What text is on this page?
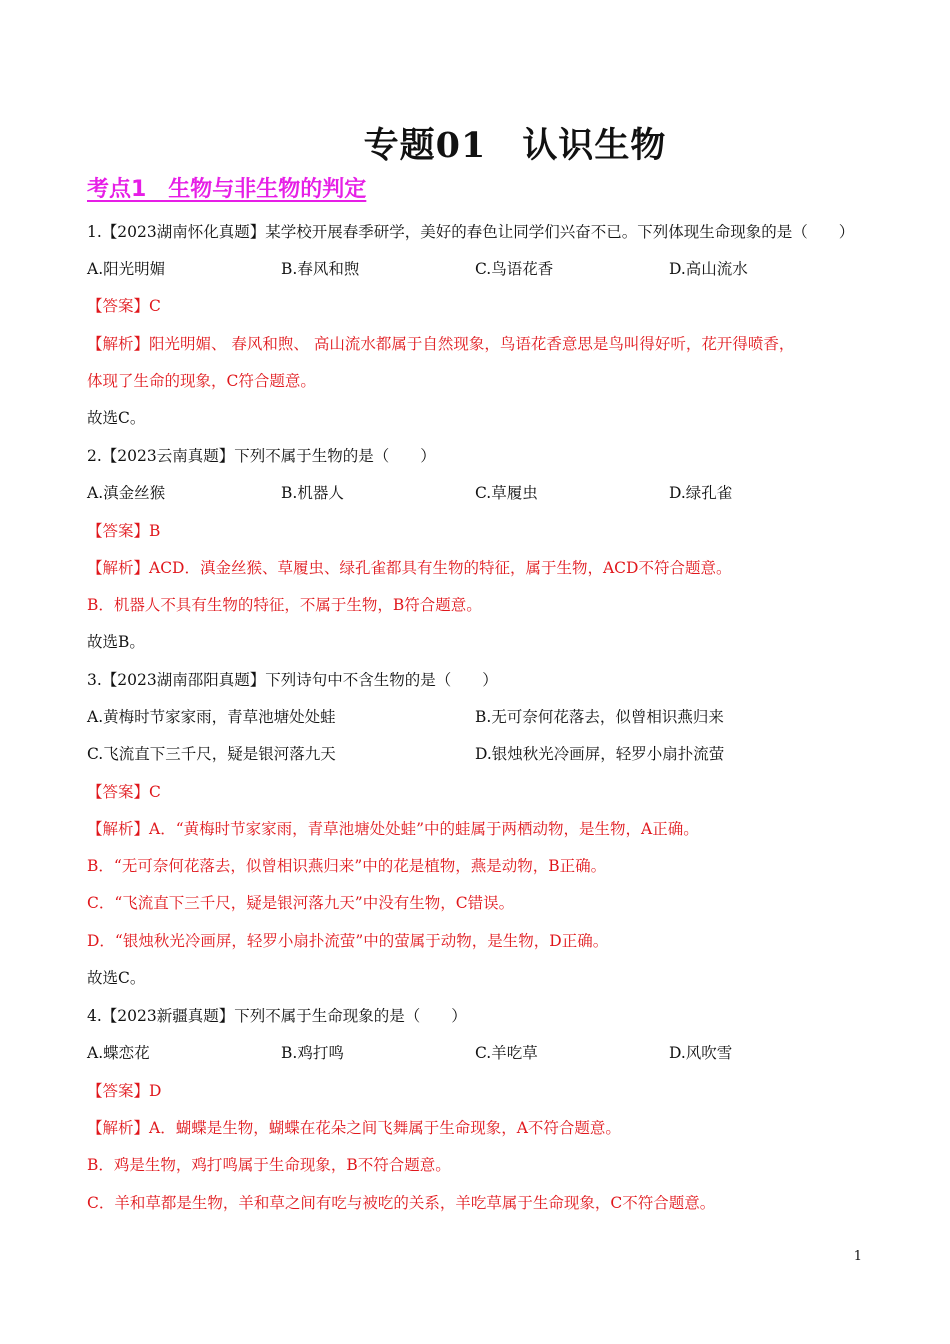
专题01　认识生物
考点1　生物与非生物的判定
1.【2023湖南怀化真题】某学校开展春季研学，美好的春色让同学们兴奋不已。下列体现生命现象的是（　　）
A.阳光明媚	B.春风和煦	C.鸟语花香	D.高山流水
【答案】C
【解析】阳光明媚、 春风和煦、 高山流水都属于自然现象，鸟语花香意思是鸟叫得好听，花开得喷香，
体现了生命的现象，C符合题意。
故选C。
2.【2023云南真题】下列不属于生物的是（　　）
A.滇金丝猴	B.机器人	C.草履虫	D.绿孔雀
【答案】B
【解析】ACD．滇金丝猴、草履虫、绿孔雀都具有生物的特征，属于生物，ACD不符合题意。
B．机器人不具有生物的特征，不属于生物，B符合题意。
故选B。
3.【2023湖南邵阳真题】下列诗句中不含生物的是（　　）
A.黄梅时节家家雨，青草池塘处处蛙	B.无可奈何花落去，似曾相识燕归来
C.飞流直下三千尺，疑是银河落九天	D.银烛秋光冷画屏，轻罗小扇扑流萤
【答案】C
【解析】A．“黄梅时节家家雨，青草池塘处处蛙”中的蛙属于两栖动物，是生物，A正确。
B．“无可奈何花落去，似曾相识燕归来”中的花是植物，燕是动物，B正确。
C．“飞流直下三千尺，疑是银河落九天”中没有生物，C错误。
D．“银烛秋光冷画屏，轻罗小扇扑流萤”中的萤属于动物，是生物，D正确。
故选C。
4.【2023新疆真题】下列不属于生命现象的是（　　）
A.蝶恋花	B.鸡打鸣	C.羊吃草	D.风吹雪
【答案】D
【解析】A．蝴蝶是生物，蝴蝶在花朵之间飞舞属于生命现象，A不符合题意。
B．鸡是生物，鸡打鸣属于生命现象，B不符合题意。
C．羊和草都是生物，羊和草之间有吃与被吃的关系，羊吃草属于生命现象，C不符合题意。
1
